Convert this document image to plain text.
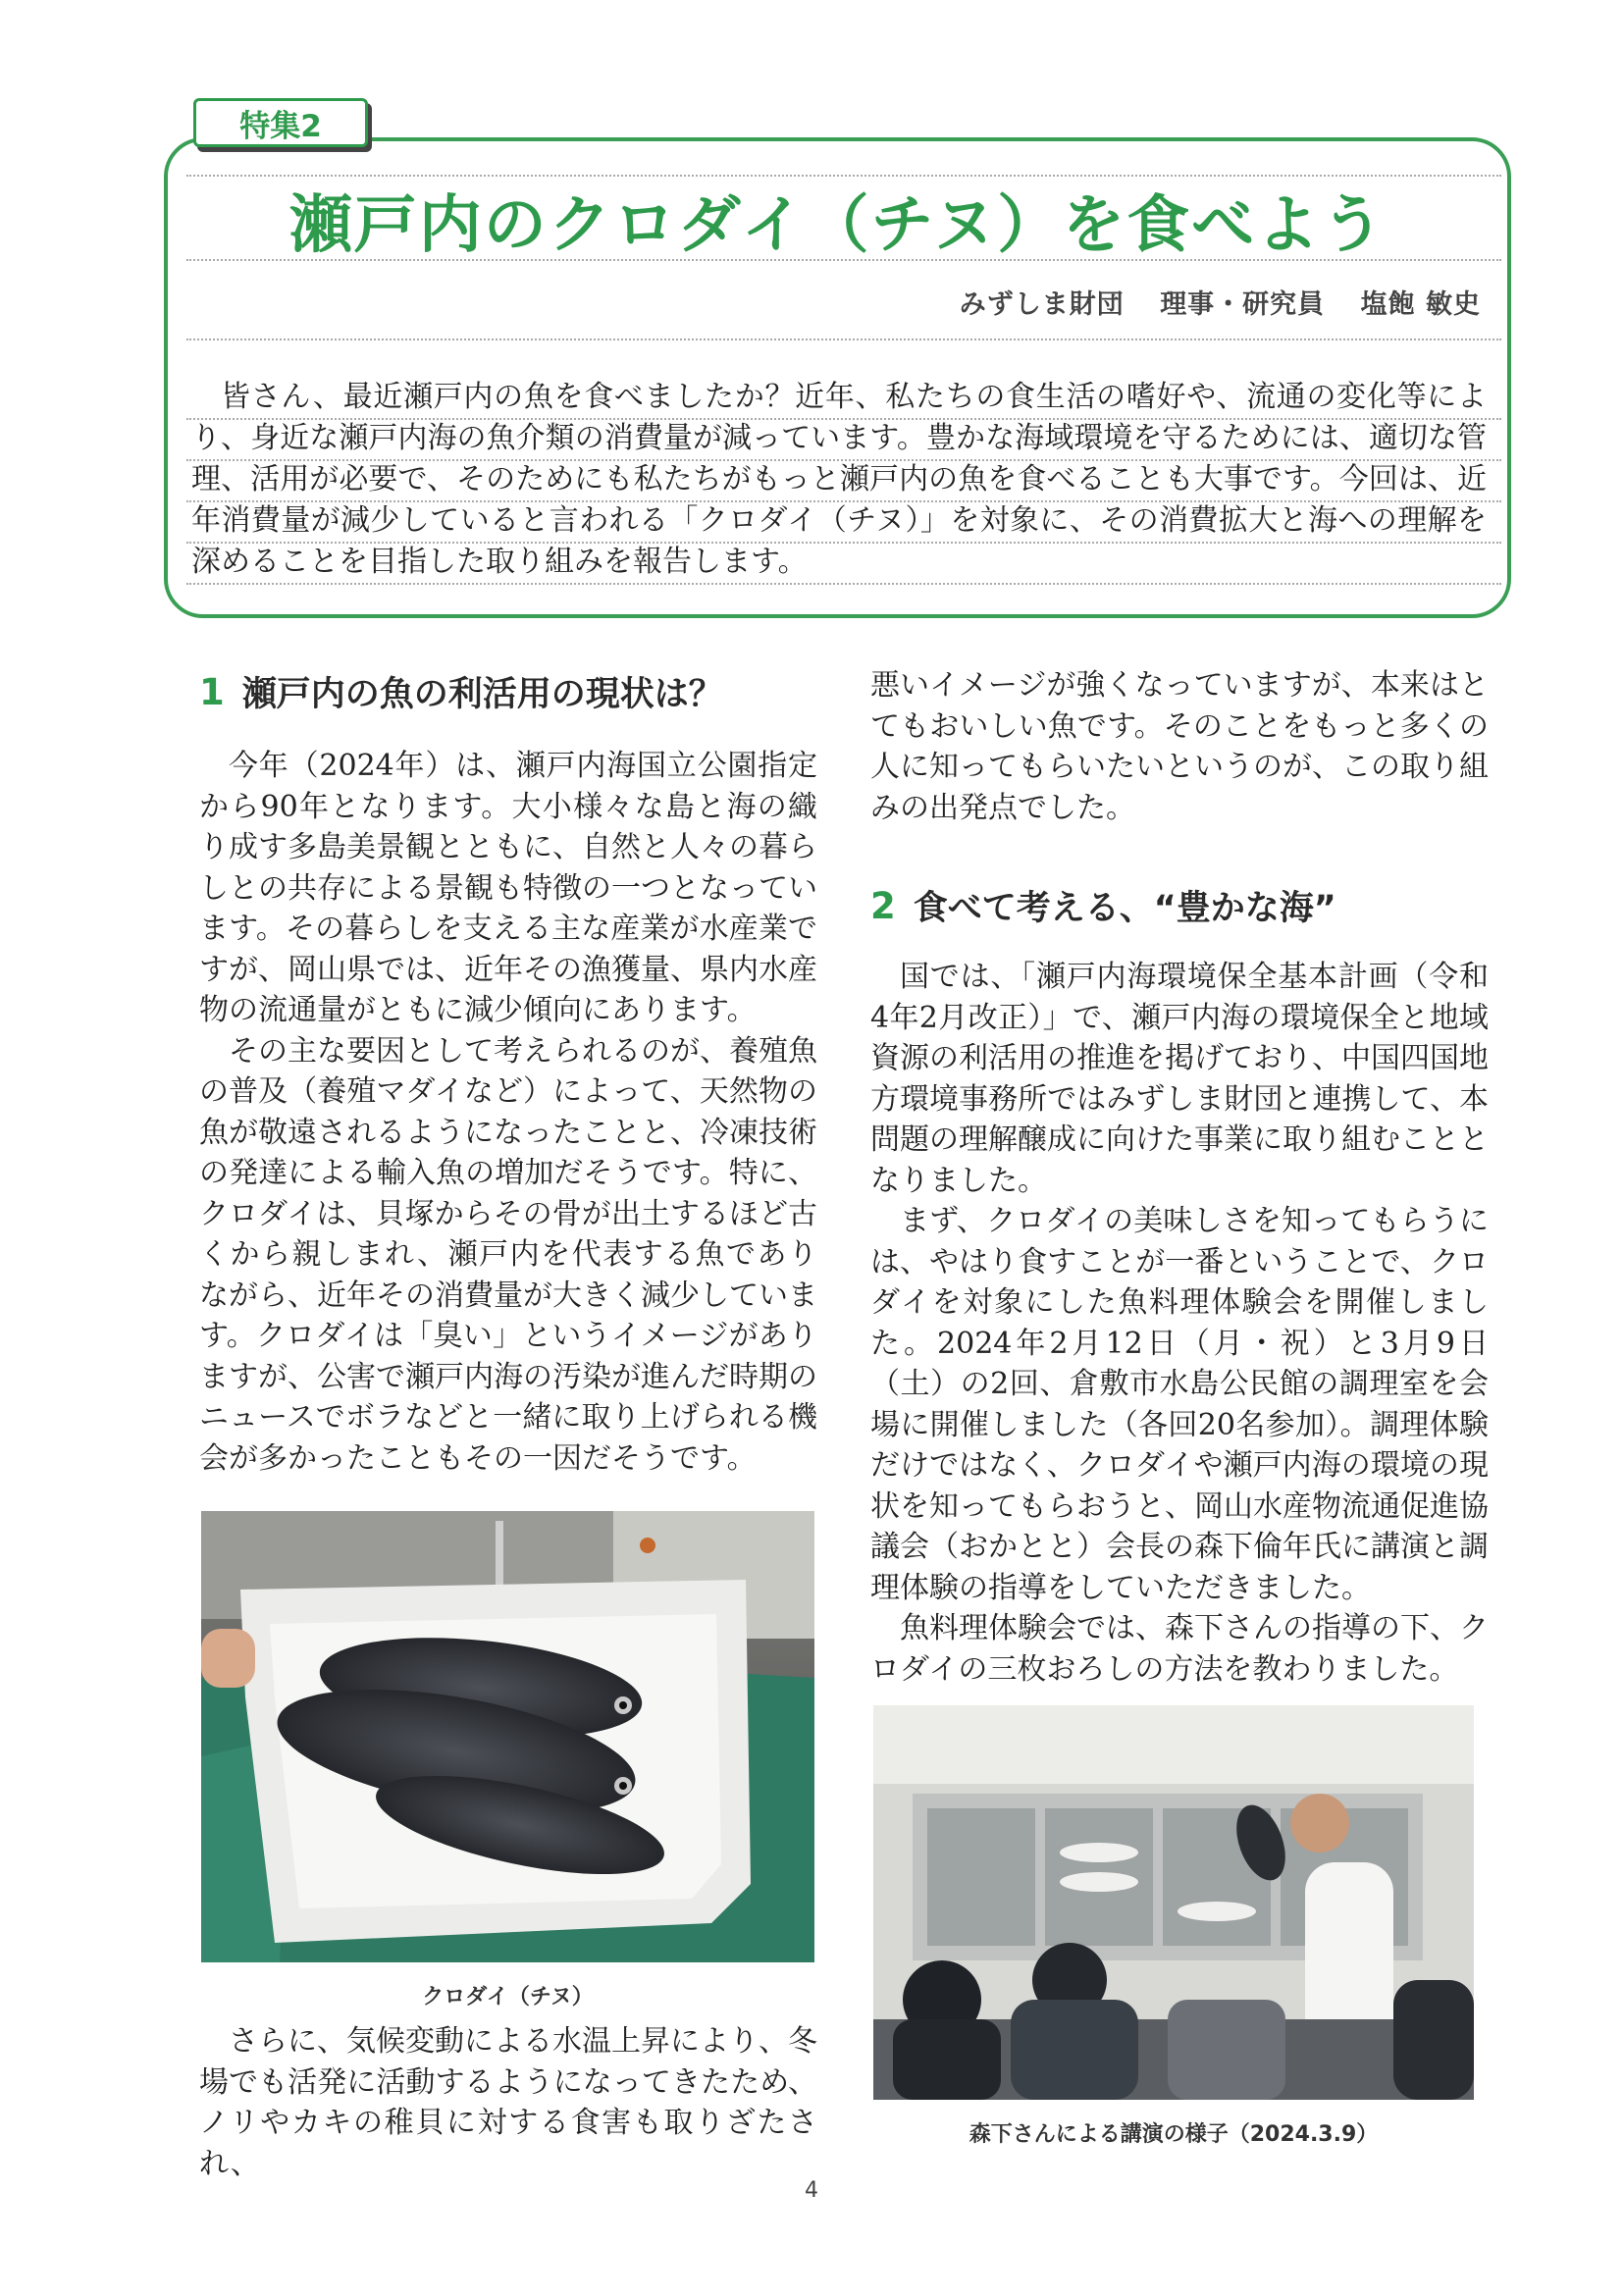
特集2
瀬戸内のクロダイ（チヌ）を食べよう
みずしま財団 理事・研究員 塩飽 敏史

皆さん、最近瀬戸内の魚を食べましたか？近年、私たちの食生活の嗜好や、流通の変化等により、身近な瀬戸内海の魚介類の消費量が減っています。豊かな海域環境を守るためには、適切な管理、活用が必要で、そのためにも私たちがもっと瀬戸内の魚を食べることも大事です。今回は、近年消費量が減少していると言われる「クロダイ（チヌ）」を対象に、その消費拡大と海への理解を深めることを目指した取り組みを報告します。

1 瀬戸内の魚の利活用の現状は？

今年（2024年）は、瀬戸内海国立公園指定から90年となります。大小様々な島と海の織り成す多島美景観とともに、自然と人々の暮らしとの共存による景観も特徴の一つとなっています。その暮らしを支える主な産業が水産業ですが、岡山県では、近年その漁獲量、県内水産物の流通量がともに減少傾向にあります。

その主な要因として考えられるのが、養殖魚の普及（養殖マダイなど）によって、天然物の魚が敬遠されるようになったことと、冷凍技術の発達による輸入魚の増加だそうです。特に、クロダイは、貝塚からその骨が出土するほど古くから親しまれ、瀬戸内を代表する魚でありながら、近年その消費量が大きく減少しています。クロダイは「臭い」というイメージがありますが、公害で瀬戸内海の汚染が進んだ時期のニュースでボラなどと一緒に取り上げられる機会が多かったこともその一因だそうです。

クロダイ（チヌ）

さらに、気候変動による水温上昇により、冬場でも活発に活動するようになってきたため、ノリやカキの稚貝に対する食害も取りざたされ、

悪いイメージが強くなっていますが、本来はとてもおいしい魚です。そのことをもっと多くの人に知ってもらいたいというのが、この取り組みの出発点でした。

2 食べて考える、“豊かな海”

国では、「瀬戸内海環境保全基本計画（令和4年2月改正）」で、瀬戸内海の環境保全と地域資源の利活用の推進を掲げており、中国四国地方環境事務所ではみずしま財団と連携して、本問題の理解醸成に向けた事業に取り組むこととなりました。

まず、クロダイの美味しさを知ってもらうには、やはり食すことが一番ということで、クロダイを対象にした魚料理体験会を開催しました。2024年2月12日（月・祝）と3月9日（土）の2回、倉敷市水島公民館の調理室を会場に開催しました（各回20名参加）。調理体験だけではなく、クロダイや瀬戸内海の環境の現状を知ってもらおうと、岡山水産物流通促進協議会（おかとと）会長の森下倫年氏に講演と調理体験の指導をしていただきました。

魚料理体験会では、森下さんの指導の下、クロダイの三枚おろしの方法を教わりました。

森下さんによる講演の様子（2024.3.9）
4
